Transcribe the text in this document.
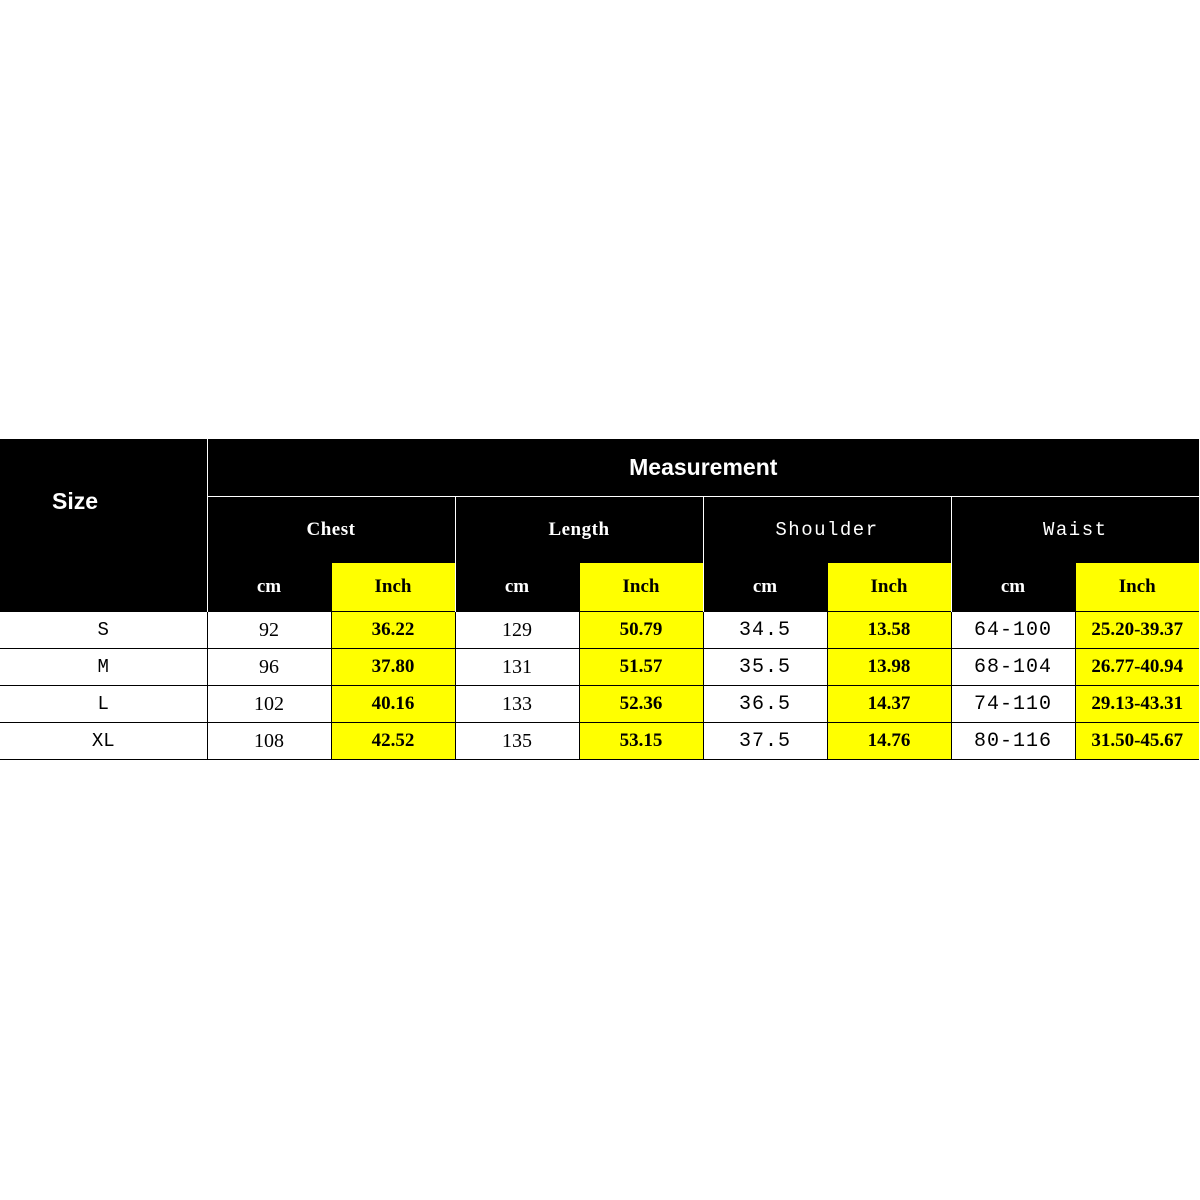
Size	Measurement							
	Chest		Length		Shoulder		Waist	
	cm	Inch	cm	Inch	cm	Inch	cm	Inch
S	92	36.22	129	50.79	34.5	13.58	64-100	25.20-39.37
M	96	37.80	131	51.57	35.5	13.98	68-104	26.77-40.94
L	102	40.16	133	52.36	36.5	14.37	74-110	29.13-43.31
XL	108	42.52	135	53.15	37.5	14.76	80-116	31.50-45.67
